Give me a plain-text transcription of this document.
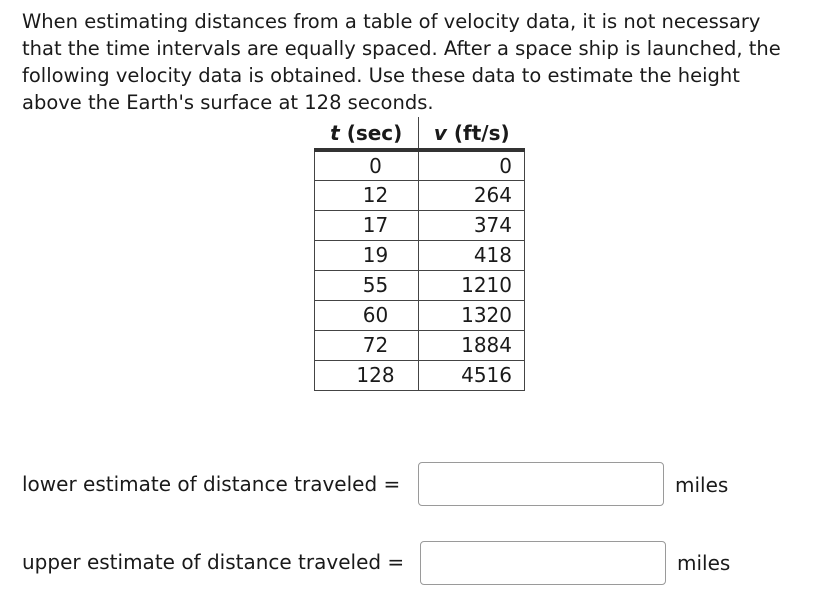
When estimating distances from a table of velocity data, it is not necessary that the time intervals are equally spaced. After a space ship is launched, the following velocity data is obtained. Use these data to estimate the height above the Earth's surface at 128 seconds.

t (sec)	v (ft/s)
0	0
12	264
17	374
19	418
55	1210
60	1320
72	1884
128	4516
lower estimate of distance traveled =	miles
upper estimate of distance traveled =	miles
